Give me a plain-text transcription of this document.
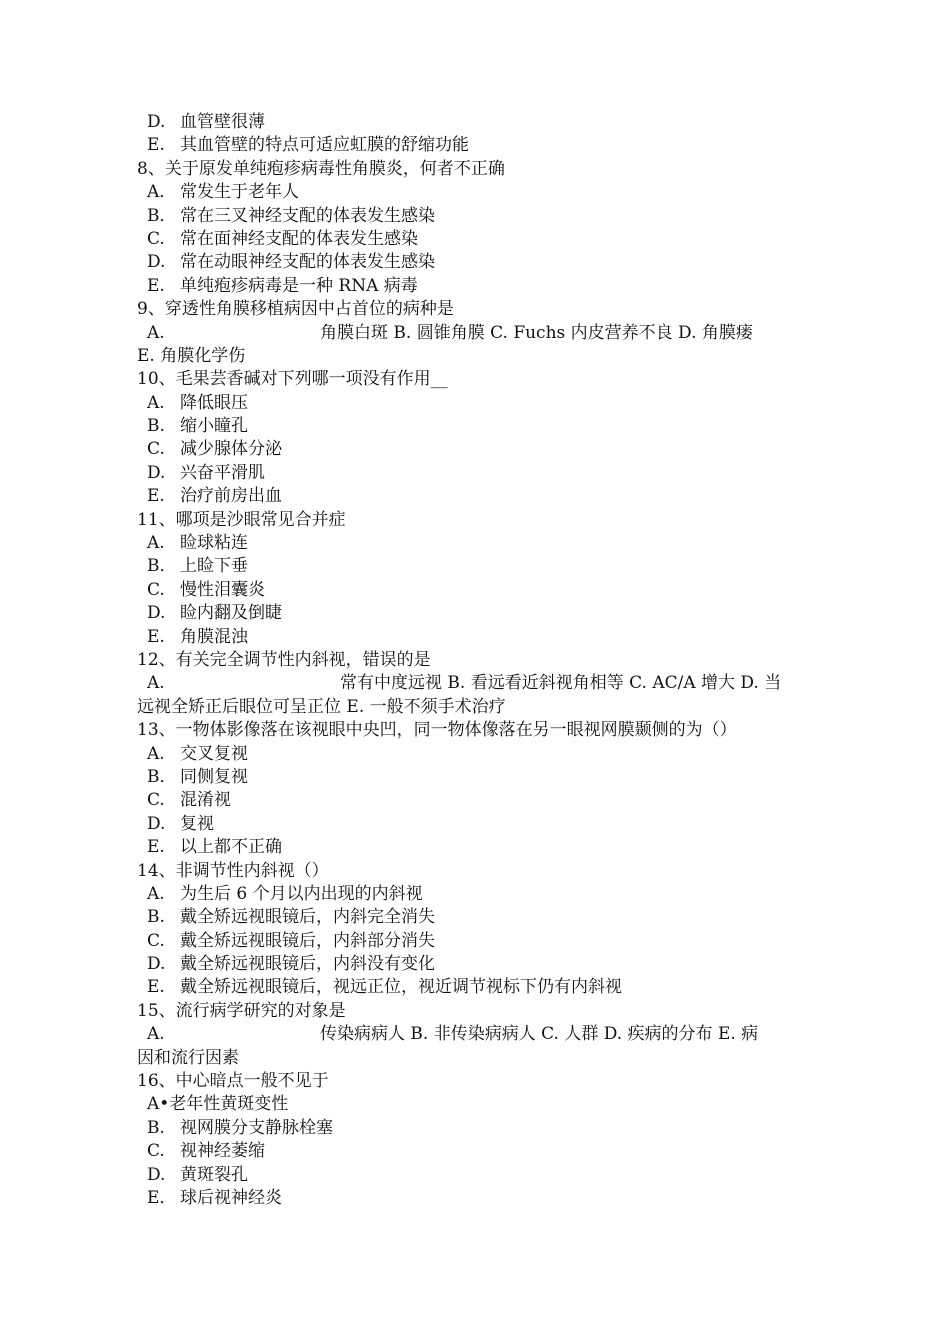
D. 血管壁很薄
E. 其血管壁的特点可适应虹膜的舒缩功能
8、关于原发单纯疱疹病毒性角膜炎，何者不正确
A． 常发生于老年人
B． 常在三叉神经支配的体表发生感染
C. 常在面神经支配的体表发生感染
D. 常在动眼神经支配的体表发生感染
E. 单纯疱疹病毒是一种 RNA 病毒
9、穿透性角膜移植病因中占首位的病种是
A.	角膜白斑 B. 圆锥角膜 C. Fuchs 内皮营养不良 D. 角膜瘘
E. 角膜化学伤
10、毛果芸香碱对下列哪一项没有作用__
A. 降低眼压
B. 缩小瞳孔
C. 减少腺体分泌
D. 兴奋平滑肌
E. 治疗前房出血
11、哪项是沙眼常见合并症
A. 睑球粘连
B． 上睑下垂
C. 慢性泪囊炎
D. 睑内翻及倒睫
E. 角膜混浊
12、有关完全调节性内斜视，错误的是
A.	常有中度远视 B. 看远看近斜视角相等 C. AC/A 增大 D. 当
远视全矫正后眼位可呈正位 E. 一般不须手术治疗
13、一物体影像落在该视眼中央凹，同一物体像落在另一眼视网膜颞侧的为（）
A. 交叉复视
B． 同侧复视
C. 混淆视
D. 复视
E. 以上都不正确
14、非调节性内斜视（）
A. 为生后 6 个月以内出现的内斜视
B. 戴全矫远视眼镜后，内斜完全消失
C. 戴全矫远视眼镜后，内斜部分消失
D. 戴全矫远视眼镜后，内斜没有变化
E. 戴全矫远视眼镜后，视远正位，视近调节视标下仍有内斜视
15、流行病学研究的对象是
A.	传染病病人 B. 非传染病病人 C. 人群 D. 疾病的分布 E. 病
因和流行因素
16、中心暗点一般不见于
A•老年性黄斑变性
B. 视网膜分支静脉栓塞
C. 视神经萎缩
D. 黄斑裂孔
E． 球后视神经炎
